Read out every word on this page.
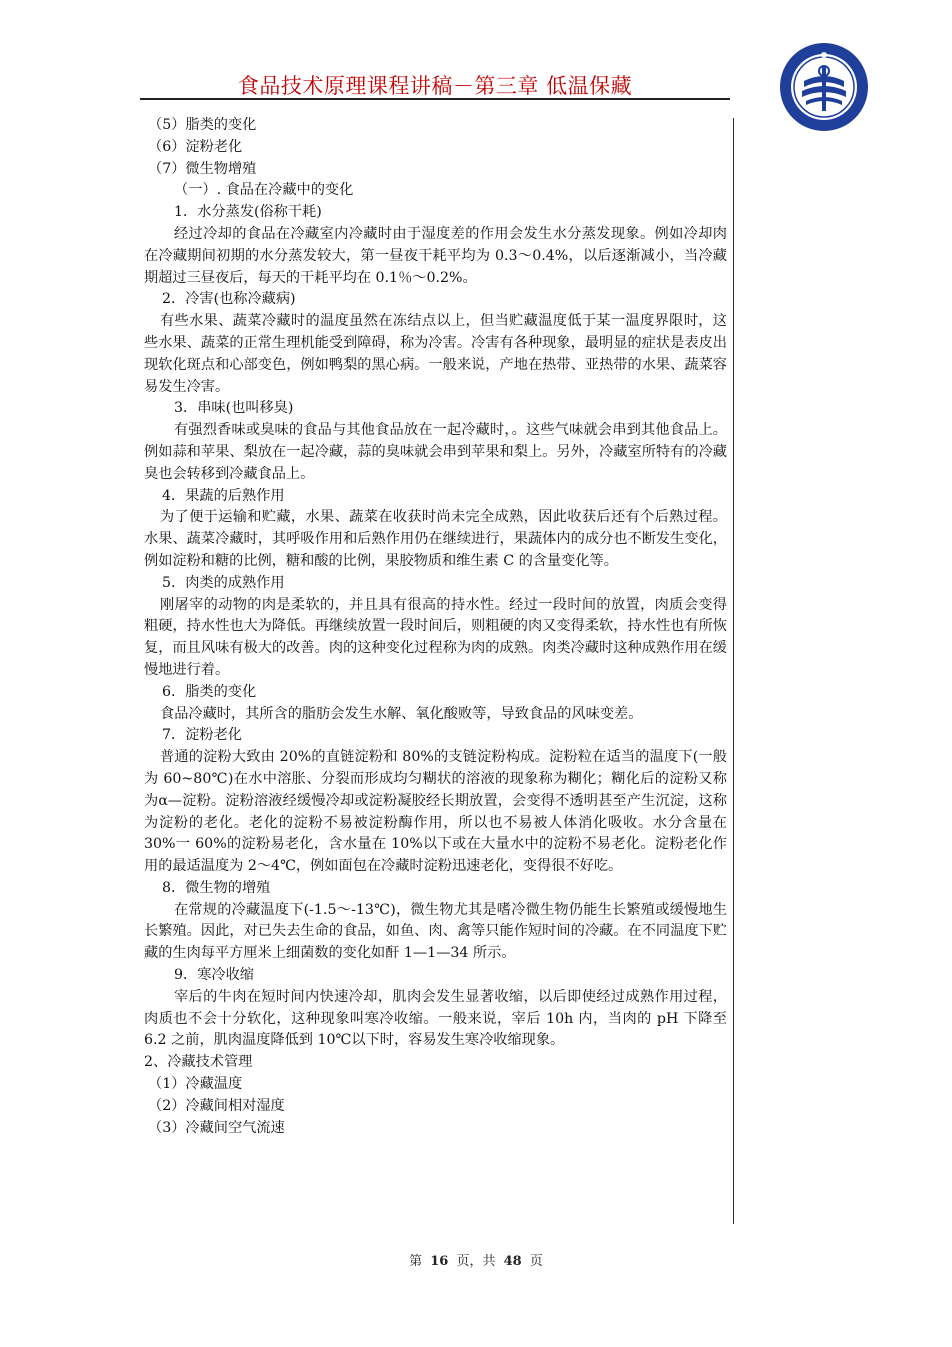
食品技术原理课程讲稿－第三章 低温保藏

（5）脂类的变化

（6）淀粉老化

（7）微生物增殖

（一）. 食品在冷藏中的变化

1．水分蒸发(俗称干耗)

经过冷却的食品在冷藏室内冷藏时由于湿度差的作用会发生水分蒸发现象。例如冷却肉在冷藏期间初期的水分蒸发较大，第一昼夜干耗平均为 0.3～0.4%，以后逐渐减小，当冷藏期超过三昼夜后，每天的干耗平均在 0.1％～0.2%。

2．冷害(也称冷藏病)

有些水果、蔬菜冷藏时的温度虽然在冻结点以上，但当贮藏温度低于某一温度界限时，这些水果、蔬菜的正常生理机能受到障碍，称为冷害。冷害有各种现象，最明显的症状是表皮出现软化斑点和心部变色，例如鸭梨的黑心病。一般来说，产地在热带、亚热带的水果、蔬菜容易发生冷害。

3．串味(也叫移臭)

有强烈香味或臭味的食品与其他食品放在一起冷藏时，。这些气味就会串到其他食品上。例如蒜和苹果、梨放在一起冷藏，蒜的臭味就会串到苹果和梨上。另外，冷藏室所特有的冷藏臭也会转移到冷藏食品上。

4．果蔬的后熟作用

为了便于运输和贮藏，水果、蔬菜在收获时尚未完全成熟，因此收获后还有个后熟过程。水果、蔬菜冷藏时，其呼吸作用和后熟作用仍在继续进行，果蔬体内的成分也不断发生变化，例如淀粉和糖的比例，糖和酸的比例，果胶物质和维生素 C 的含量变化等。

5．肉类的成熟作用

刚屠宰的动物的肉是柔软的，并且具有很高的持水性。经过一段时间的放置，肉质会变得粗硬，持水性也大为降低。再继续放置一段时间后，则粗硬的肉又变得柔软，持水性也有所恢复，而且风味有极大的改善。肉的这种变化过程称为肉的成熟。肉类冷藏时这种成熟作用在缓慢地进行着。

6．脂类的变化

食品冷藏时，其所含的脂肪会发生水解、氧化酸败等，导致食品的风味变差。

7．淀粉老化

普通的淀粉大致由 20%的直链淀粉和 80%的支链淀粉构成。淀粉粒在适当的温度下(一般为 60~80℃)在水中溶胀、分裂而形成均匀糊状的溶液的现象称为糊化；糊化后的淀粉又称为α—淀粉。淀粉溶液经缓慢冷却或淀粉凝胶经长期放置，会变得不透明甚至产生沉淀，这称为淀粉的老化。老化的淀粉不易被淀粉酶作用，所以也不易被人体消化吸收。水分含量在 30%一 60%的淀粉易老化，含水量在 10%以下或在大量水中的淀粉不易老化。淀粉老化作用的最适温度为 2～4℃，例如面包在冷藏时淀粉迅速老化，变得很不好吃。

8．微生物的增殖

在常规的冷藏温度下(-1.5～-13℃)，微生物尤其是嗜冷微生物仍能生长繁殖或缓慢地生长繁殖。因此，对已失去生命的食品，如鱼、肉、禽等只能作短时间的冷藏。在不同温度下贮藏的生肉每平方厘米上细菌数的变化如酐 1—1—34 所示。

9．寒冷收缩

宰后的牛肉在短时间内快速冷却，肌肉会发生显著收缩，以后即使经过成熟作用过程，肉质也不会十分软化，这种现象叫寒冷收缩。一般来说，宰后 10h 内，当肉的 pH 下降至 6.2 之前，肌肉温度降低到 10℃以下时，容易发生寒冷收缩现象。

2、冷藏技术管理

（1）冷藏温度

（2）冷藏间相对湿度

（3）冷藏间空气流速

第 16 页，共 48 页
